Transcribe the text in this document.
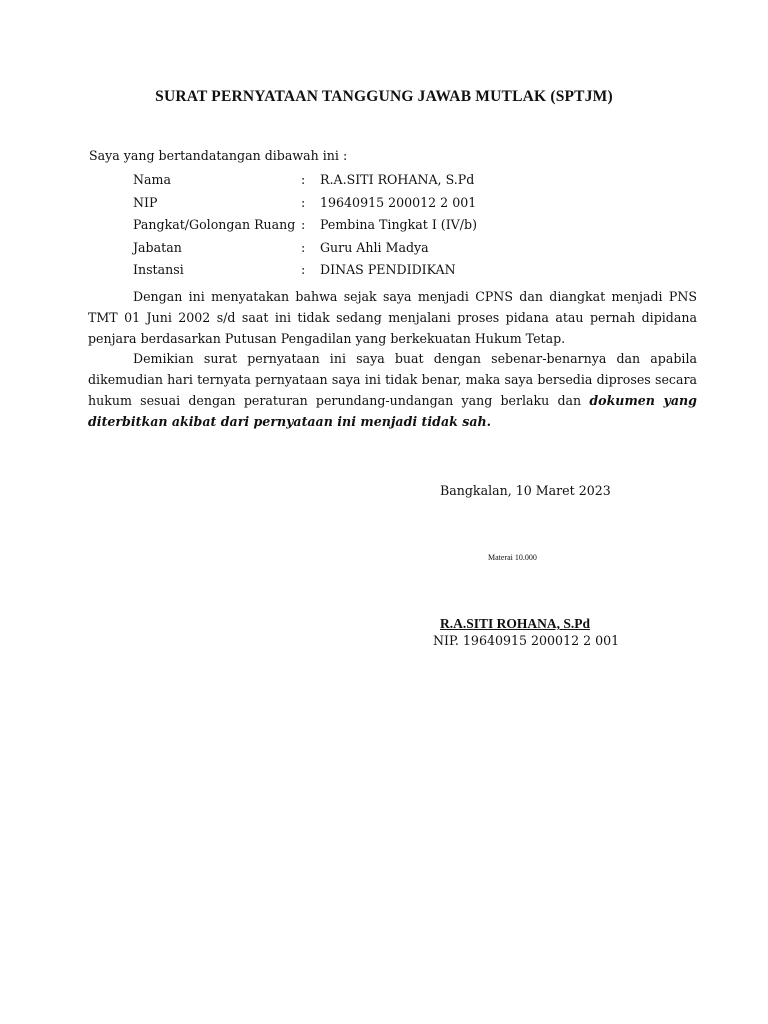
SURAT PERNYATAAN TANGGUNG JAWAB MUTLAK (SPTJM)
Saya yang bertandatangan dibawah ini :
Nama	: R.A.SITI ROHANA, S.Pd
NIP	: 19640915 200012 2 001
Pangkat/Golongan Ruang : Pembina Tingkat I (IV/b)
Jabatan	: Guru Ahli Madya
Instansi	: DINAS PENDIDIKAN

Dengan ini menyatakan bahwa sejak saya menjadi CPNS dan diangkat menjadi PNS TMT 01 Juni 2002 s/d saat ini tidak sedang menjalani proses pidana atau pernah dipidana penjara berdasarkan Putusan Pengadilan yang berkekuatan Hukum Tetap.

Demikian surat pernyataan ini saya buat dengan sebenar-benarnya dan apabila dikemudian hari ternyata pernyataan saya ini tidak benar, maka saya bersedia diproses secara hukum sesuai dengan peraturan perundang-undangan yang berlaku dan dokumen yang diterbitkan akibat dari pernyataan ini menjadi tidak sah.

Bangkalan, 10 Maret 2023
Materai 10.000
R.A.SITI ROHANA, S.Pd
NIP. 19640915 200012 2 001
